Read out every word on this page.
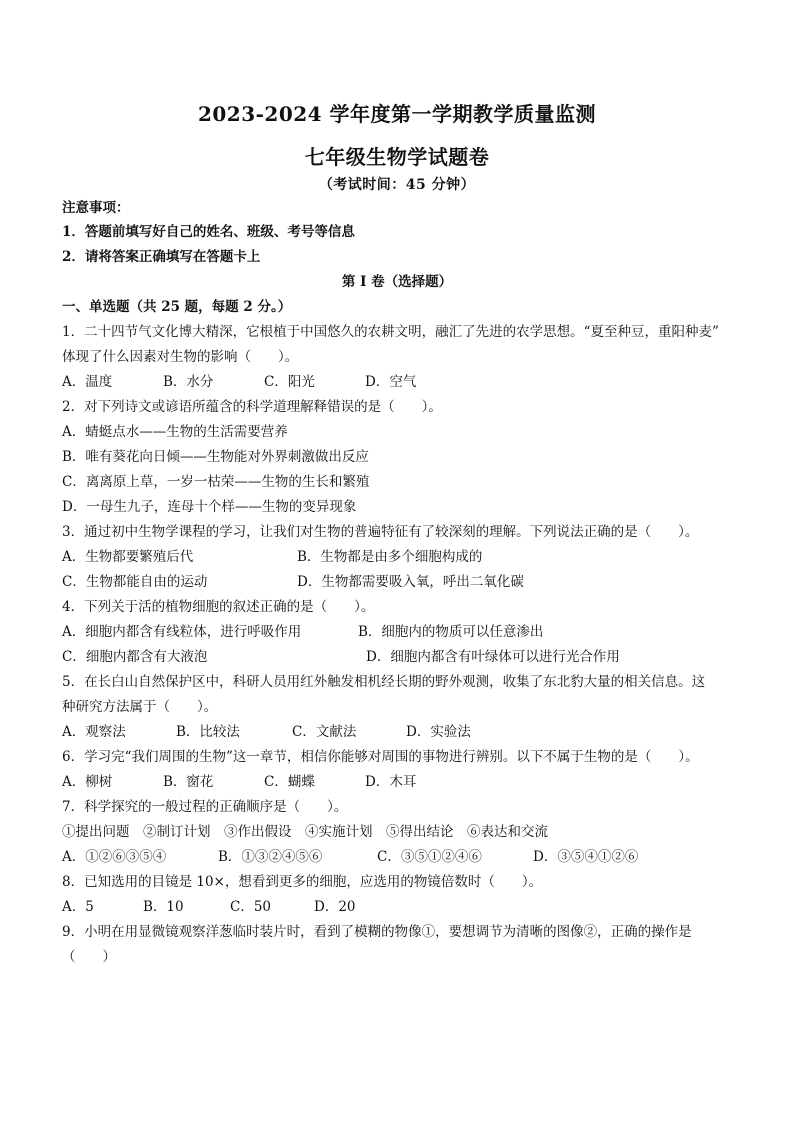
2023-2024 学年度第一学期教学质量监测
七年级生物学试题卷
（考试时间：45 分钟）
注意事项：
1．答题前填写好自己的姓名、班级、考号等信息
2．请将答案正确填写在答题卡上
第 I 卷（选择题）
一、单选题（共 25 题，每题 2 分。）
1．二十四节气文化博大精深，它根植于中国悠久的农耕文明，融汇了先进的农学思想。“夏至种豆，重阳种麦”
体现了什么因素对生物的影响（　　）。
A．温度	B．水分	C．阳光	D．空气
2．对下列诗文或谚语所蕴含的科学道理解释错误的是（　　）。
A．蜻蜓点水——生物的生活需要营养
B．唯有葵花向日倾——生物能对外界刺激做出反应
C．离离原上草，一岁一枯荣——生物的生长和繁殖
D．一母生九子，连母十个样——生物的变异现象
3．通过初中生物学课程的学习，让我们对生物的普遍特征有了较深刻的理解。下列说法正确的是（　　）。
A．生物都要繁殖后代	B．生物都是由多个细胞构成的
C．生物都能自由的运动	D．生物都需要吸入氧，呼出二氧化碳
4．下列关于活的植物细胞的叙述正确的是（　　）。
A．细胞内都含有线粒体，进行呼吸作用	B．细胞内的物质可以任意渗出
C．细胞内都含有大液泡	D．细胞内都含有叶绿体可以进行光合作用
5．在长白山自然保护区中，科研人员用红外触发相机经长期的野外观测，收集了东北豹大量的相关信息。这
种研究方法属于（　　）。
A．观察法	B．比较法	C．文献法	D．实验法
6．学习完“我们周围的生物”这一章节，相信你能够对周围的事物进行辨别。以下不属于生物的是（　　）。
A．柳树	B．窗花	C．蝴蝶	D．木耳
7．科学探究的一般过程的正确顺序是（　　）。
①提出问题　②制订计划　③作出假设　④实施计划　⑤得出结论　⑥表达和交流
A．①②⑥③⑤④	B．①③②④⑤⑥	C．③⑤①②④⑥	D．③⑤④①②⑥
8．已知选用的目镜是 10×，想看到更多的细胞，应选用的物镜倍数时（　　）。
A．5	B．10	C．50	D．20
9．小明在用显微镜观察洋葱临时装片时，看到了模糊的物像①，要想调节为清晰的图像②，正确的操作是
（　　）
